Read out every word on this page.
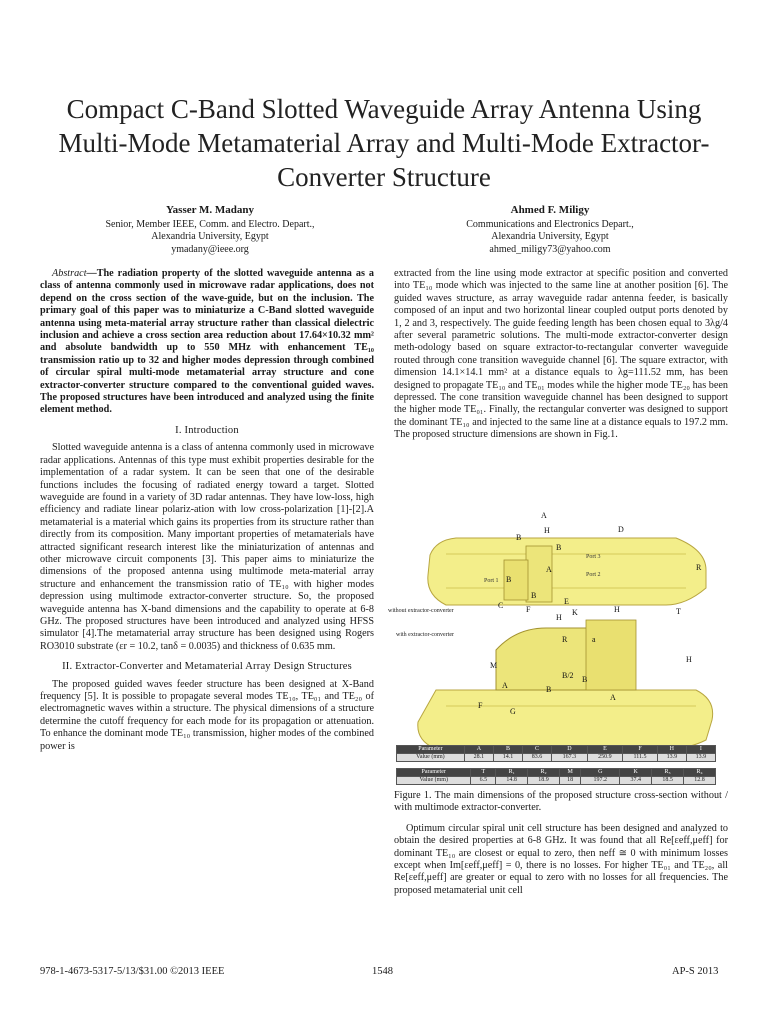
Compact C-Band Slotted Waveguide Array Antenna Using Multi-Mode Metamaterial Array and Multi-Mode Extractor-Converter Structure
Yasser M. Madany
Senior, Member IEEE, Comm. and Electro. Depart.,
Alexandria University, Egypt
ymadany@ieee.org
Ahmed F. Miligy
Communications and Electronics Depart.,
Alexandria University, Egypt
ahmed_miligy73@yahoo.com

Abstract—The radiation property of the slotted waveguide antenna as a class of antenna commonly used in microwave radar applications, does not depend on the cross section of the wave-guide, but on the inclusion. The primary goal of this paper was to miniaturize a C-Band slotted waveguide antenna using meta-material array structure rather than classical dielectric inclusion and achieve a cross section area reduction about 17.64×10.32 mm² and absolute bandwidth up to 550 MHz with enhancement TE₁₀ transmission ratio up to 32 and higher modes depression through combined of circular spiral multi-mode metamaterial array structure and cone extractor-converter structure compared to the conventional guided waves. The proposed structures have been introduced and analyzed using the finite element method.

I. Introduction

Slotted waveguide antenna is a class of antenna commonly used in microwave radar applications. Antennas of this type must exhibit properties desirable for the implementation of a radar system. It can be seen that one of the desirable functions includes the focusing of radiated energy toward a target. Slotted waveguide are found in a variety of 3D radar antennas. They have low-loss, high efficiency and radiate linear polariz-ation with low cross-polarization [1]-[2].A metamaterial is a material which gains its properties from its structure rather than directly from its composition. Many important properties of metamaterials have attracted significant research interest like the miniaturization of antennas and other microwave circuit components [3]. This paper aims to miniaturize the dimensions of the proposed antenna using multimode meta-material array structure and enhancement the transmission ratio of TE₁₀ with higher modes depression using multimode extractor-converter structure. So, the proposed waveguide antenna has X-band dimensions and the capability to operate at 6-8 GHz. The proposed structures have been introduced and analyzed using HFSS simulator [4].The metamaterial array structure has been designed using Rogers RO3010 substrate (εr = 10.2, tanδ = 0.0035) and thickness of 0.635 mm.

II. Extractor-Converter and Metamaterial Array Design Structures

The proposed guided waves feeder structure has been designed at X-Band frequency [5]. It is possible to propagate several modes TE₁₀, TE₀₁ and TE₂₀ of electromagnetic waves within a structure. The physical dimensions of a structure determine the cutoff frequency for each mode for its propagation or attenuation. To enhance the dominant mode TE₁₀ transmission, higher modes of the combined power is

extracted from the line using mode extractor at specific position and converted into TE₁₀ mode which was injected to the same line at another position [6]. The guided waves structure, as array waveguide radar antenna feeder, is basically composed of an input and two horizontal linear coupled output ports denoted by 1, 2 and 3, respectively. The guide feeding length has been chosen equal to 3λg/4 after several parametric solutions. The multi-mode extractor-converter design meth-odology based on square extractor-to-rectangular converter waveguide routed through cone transition waveguide channel [6]. The square extractor, with dimension 14.1×14.1 mm² at a distance equals to λg=111.52 mm, has been designed to propagate TE₁₀ and TE₀₁ modes while the higher mode TE₂₀ has been depressed. The cone transition waveguide channel has been designed to support the higher mode TE₀₁. Finally, the rectangular converter was designed to support the dominant TE₁₀ and injected to the same line at a distance equals to 197.2 mm. The proposed structure dimensions are shown in Fig.1.

Port 3
Port 2
Port 1
A
D
B
B
H
R
A
B
B
F
C	E
without extractor-converter
with extractor-converter
K	H
H
T
R	a
M
H
B/2
A	B
A
F
G
B
Parameter	A	B	C	D	E	F	H	I
Value (mm)	28.1	14.1	83.6	167.3	250.9	111.5	13.9	13.9
Parameter	T	R₁	R₂	M	G	K	R₃	R₄
Value (mm)	6.5	14.8	18.9	18	197.2	37.4	18.5	12.8

Figure 1. The main dimensions of the proposed structure cross-section without / with multimode extractor-converter.

Optimum circular spiral unit cell structure has been designed and analyzed to obtain the desired properties at 6-8 GHz. It was found that all Re[εeff,μeff] for dominant TE₁₀ are closest or equal to zero, then neff ≅ 0 with minimum losses except when Im[εeff,μeff] = 0, there is no losses. For higher TE₀₁ and TE₂₀, all Re[εeff,μeff] are greater or equal to zero with no losses for all frequencies. The proposed metamaterial unit cell

978-1-4673-5317-5/13/$31.00 ©2013 IEEE	1548	AP-S 2013
